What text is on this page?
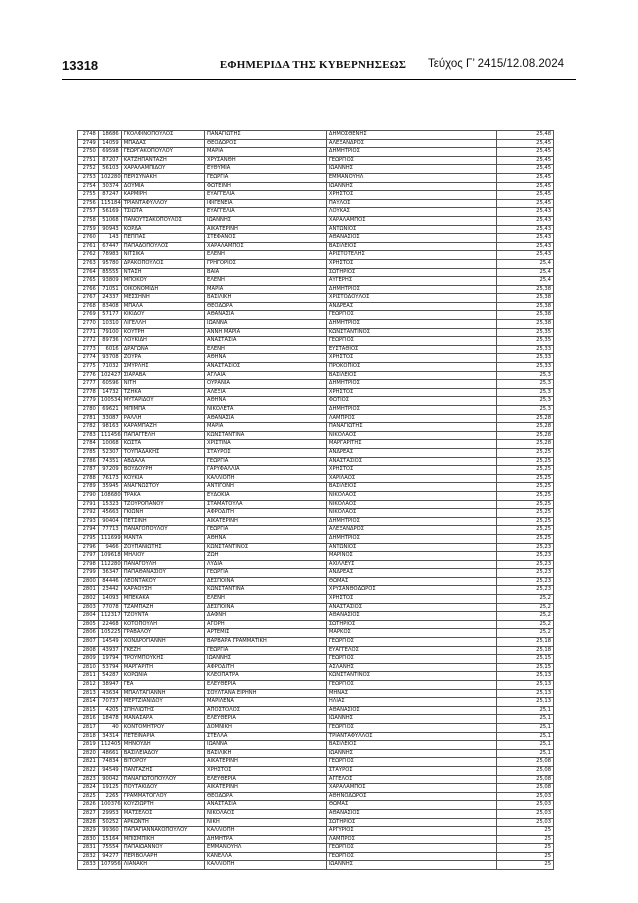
13318	ΕΦΗΜΕΡΙΔΑ ΤΗΣ ΚΥΒΕΡΝΗΣΕΩΣ	Τεύχος Γ’ 2415/12.08.2024
2748	18686	ΓΚΟΛΦΙΝΟΠΟΥΛΟΣ	ΠΑΝΑΓΙΩΤΗΣ	ΔΗΜΟΣΘΕΝΗΣ	25,48
2749	14059	ΜΠΑΔΑΣ	ΘΕΟΔΩΡΟΣ	ΑΛΕΞΑΝΔΡΟΣ	25,45
2750	69598	ΓΕΩΡΓΑΚΟΠΟΥΛΟΥ	ΜΑΡΙΑ	ΔΗΜΗΤΡΙΟΣ	25,45
2751	87207	ΚΑΤΖΗΠΑΝΤΑΖΗ	ΧΡΥΣΑΝΘΗ	ΓΕΩΡΓΙΟΣ	25,45
2752	56103	ΧΑΡΑΛΑΜΠΙΔΟΥ	ΕΥΘΥΜΙΑ	ΙΩΑΝΝΗΣ	25,45
2753	102280	ΠΕΡΙΣΥΝΑΚΗ	ΓΕΩΡΓΙΑ	ΕΜΜΑΝΟΥΗΛ	25,45
2754	30374	ΔΟΥΜΙΑ	ΦΩΤΕΙΝΗ	ΙΩΑΝΝΗΣ	25,45
2755	87247	ΚΑΡΜΙΡΗ	ΕΥΑΓΓΕΛΙΑ	ΧΡΗΣΤΟΣ	25,45
2756	115184	ΤΡΙΑΝΤΑΦΥΛΛΟΥ	ΙΦΙΓΕΝΕΙΑ	ΠΑΥΛΟΣ	25,45
2757	56169	ΤΣΙΩΤΑ	ΕΥΑΓΓΕΛΙΑ	ΛΟΥΚΑΣ	25,43
2758	51068	ΠΑΝΟΥΤΣΑΚΟΠΟΥΛΟΣ	ΙΩΑΝΝΗΣ	ΧΑΡΑΛΑΜΠΟΣ	25,43
2759	90943	ΚΟΡΔΑ	ΑΙΚΑΤΕΡΙΝΗ	ΑΝΤΩΝΙΟΣ	25,43
2760	143	ΠΕΠΠΑΣ	ΣΤΕΦΑΝΟΣ	ΑΘΑΝΑΣΙΟΣ	25,43
2761	67447	ΠΑΠΑΔΟΠΟΥΛΟΣ	ΧΑΡΑΛΑΜΠΟΣ	ΒΑΣΙΛΕΙΟΣ	25,43
2762	78983	ΝΙΤΣΙΚΑ	ΕΛΕΝΗ	ΑΡΙΣΤΟΤΕΛΗΣ	25,43
2763	95780	ΔΡΑΚΟΠΟΥΛΟΣ	ΓΡΗΓΟΡΙΟΣ	ΧΡΗΣΤΟΣ	25,4
2764	85555	ΝΤΑΣΗ	ΒΑΙΑ	ΣΩΤΗΡΙΟΣ	25,4
2765	93809	ΜΠΟΚΟΥ	ΕΛΕΝΗ	ΑΥΓΕΡΗΣ	25,4
2766	71051	ΟΙΚΟΝΟΜΙΔΗ	ΜΑΡΙΑ	ΔΗΜΗΤΡΙΟΣ	25,38
2767	24337	ΜΕΣΣΗΝΗ	ΒΑΣΙΛΙΚΗ	ΧΡΙΣΤΟΔΟΥΛΟΣ	25,38
2768	83408	ΜΠΑΛΑ	ΘΕΟΔΩΡΑ	ΑΝΔΡΕΑΣ	25,38
2769	57177	ΚΙΚΙΔΟΥ	ΑΘΑΝΑΣΙΑ	ΓΕΩΡΓΙΟΣ	25,38
2770	10310	ΛΙΓΕΛΛΗ	ΙΩΑΝΝΑ	ΔΗΜΗΤΡΙΟΣ	25,38
2771	79100	ΚΟΥΤΡΗ	ΑΝΝΗ ΜΑΡΙΑ	ΚΩΝΣΤΑΝΤΙΝΟΣ	25,35
2772	89736	ΛΟΥΚΙΔΗ	ΑΝΑΣΤΑΣΙΑ	ΓΕΩΡΓΙΟΣ	25,35
2773	6016	ΔΡΑΓΩΝΑ	ΕΛΕΝΗ	ΕΥΣΤΑΘΙΟΣ	25,33
2774	93708	ΖΟΥΡΑ	ΑΘΗΝΑ	ΧΡΗΣΤΟΣ	25,33
2775	71032	ΣΜΥΡΛΗΣ	ΑΝΑΣΤΑΣΙΟΣ	ΠΡΟΚΟΠΙΟΣ	25,33
2776	102427	ΣΙΑΡΑΒΑ	ΑΓΛΑΙΑ	ΒΑΣΙΛΕΙΟΣ	25,3
2777	60596	ΝΙΤΗ	ΟΥΡΑΝΙΑ	ΔΗΜΗΤΡΙΟΣ	25,3
2778	14732	ΤΖΗΚΑ	ΑΛΕΞΙΑ	ΧΡΗΣΤΟΣ	25,3
2779	100534	ΜΥΤΑΡΙΔΟΥ	ΑΘΗΝΑ	ΦΩΤΙΟΣ	25,3
2780	69621	ΜΠΙΜΠΑ	ΝΙΚΟΛΕΤΑ	ΔΗΜΗΤΡΙΟΣ	25,3
2781	33087	ΡΑΛΛΗ	ΑΘΑΝΑΣΙΑ	ΛΑΜΠΡΟΣ	25,28
2782	98163	ΚΑΡΑΜΠΑΖΗ	ΜΑΡΙΑ	ΠΑΝΑΓΙΩΤΗΣ	25,28
2783	111456	ΠΑΠΑΓΓΕΛΗ	ΚΩΝΣΤΑΝΤΙΝΑ	ΝΙΚΟΛΑΟΣ	25,28
2784	10068	ΚΩΣΤΑ	ΧΡΙΣΤΙΝΑ	ΜΑΡΓΑΡΙΤΗΣ	25,28
2785	52307	ΤΟΥΠΑΔΑΚΗΣ	ΣΤΑΥΡΟΣ	ΑΝΔΡΕΑΣ	25,25
2786	74351	ΑΒΔΑΛΑ	ΓΕΩΡΓΙΑ	ΑΝΑΣΤΑΣΙΟΣ	25,25
2787	97209	ΒΟΥΔΟΥΡΗ	ΓΑΡΥΦΑΛΛΙΑ	ΧΡΗΣΤΟΣ	25,25
2788	76173	ΚΟΥΚΙΑ	ΚΑΛΛΙΟΠΗ	ΧΑΡΙΛΑΟΣ	25,25
2789	35945	ΑΝΑΓΝΩΣΤΟΥ	ΑΝΤΙΓΟΝΗ	ΒΑΣΙΛΕΙΟΣ	25,25
2790	108680	ΤΡΑΚΑ	ΕΥΔΟΚΙΑ	ΝΙΚΟΛΑΟΣ	25,25
2791	15323	ΤΖΟΥΡΟΠΑΝΟΥ	ΣΤΑΜΑΤΟΥΛΑ	ΝΙΚΟΛΑΟΣ	25,25
2792	45663	ΓΚΙΩΝΗ	ΑΦΡΟΔΙΤΗ	ΝΙΚΟΛΑΟΣ	25,25
2793	90404	ΠΕΤΣΙΝΗ	ΑΙΚΑΤΕΡΙΝΗ	ΔΗΜΗΤΡΙΟΣ	25,25
2794	77713	ΠΑΝΑΓΟΠΟΥΛΟΥ	ΓΕΩΡΓΙΑ	ΑΛΕΞΑΝΔΡΟΣ	25,25
2795	111699	ΜΑΝΤΑ	ΑΘΗΝΑ	ΔΗΜΗΤΡΙΟΣ	25,25
2796	9466	ΖΟΥΠΑΝΙΩΤΗΣ	ΚΩΝΣΤΑΝΤΙΝΟΣ	ΑΝΤΩΝΙΟΣ	25,23
2797	109618	ΜΗΛΙΟΥ	ΖΩΗ	ΜΑΡΙΝΟΣ	25,23
2798	112280	ΠΑΝΑΓΟΥΛΗ	ΛΥΔΙΑ	ΑΧΙΛΛΕΥΣ	25,23
2799	36347	ΠΑΠΑΘΑΝΑΣΙΟΥ	ΓΕΩΡΓΙΑ	ΑΝΔΡΕΑΣ	25,23
2800	84446	ΛΕΟΝΤΑΚΟΥ	ΔΕΣΠΟΙΝΑ	ΘΩΜΑΣ	25,23
2801	23442	ΚΑΡΑΟΥΣΗ	ΚΩΝΣΤΑΝΤΙΝΑ	ΧΡΥΣΑΝΘΟΔΩΡΟΣ	25,23
2802	14093	ΜΠΕΚΑΚΑ	ΕΛΕΝΗ	ΧΡΗΣΤΟΣ	25,2
2803	77078	ΤΖΑΜΠΑΖΗ	ΔΕΣΠΟΙΝΑ	ΑΝΑΣΤΑΣΙΟΣ	25,2
2804	112317	ΤΖΟΥΝΤΑ	ΔΑΦΝΗ	ΑΘΑΝΑΣΙΟΣ	25,2
2805	22468	ΚΟΤΟΠΟΥΛΗ	ΑΓΟΡΗ	ΣΩΤΗΡΙΟΣ	25,2
2806	105225	ΓΡΑΒΑΛΟΥ	ΑΡΤΕΜΙΣ	ΜΑΡΚΟΣ	25,2
2807	14549	ΧΟΝΔΡΟΓΙΑΝΝΗ	ΒΑΡΒΑΡΑ ΓΡΑΜΜΑΤΙΚΗ	ΓΕΩΡΓΙΟΣ	25,18
2808	43937	ΓΚΕΖΗ	ΓΕΩΡΓΙΑ	ΕΥΑΓΓΕΛΟΣ	25,18
2809	19794	ΤΡΟΥΜΠΟΥΚΗΣ	ΙΩΑΝΝΗΣ	ΓΕΩΡΓΙΟΣ	25,15
2810	53794	ΜΑΡΓΑΡΙΤΗ	ΑΦΡΟΔΙΤΗ	ΑΣΛΑΝΗΣ	25,15
2811	54287	ΚΟΡΩΝΙΑ	ΚΛΕΟΠΑΤΡΑ	ΚΩΝΣΤΑΝΤΙΝΟΣ	25,13
2812	38947	ΓΕΑ	ΕΛΕΥΘΕΡΙΑ	ΓΕΩΡΓΙΟΣ	25,13
2813	43634	ΜΠΑΛΤΑΓΙΑΝΝΗ	ΣΟΥΛΤΑΝΑ ΕΙΡΗΝΗ	ΜΗΝΑΣ	25,13
2814	70737	ΜΕΡΤΖΙΑΝΙΔΟΥ	ΜΑΡΙΛΕΝΑ	ΗΛΙΑΣ	25,13
2815	4205	ΣΠΗΛΙΩΤΗΣ	ΑΠΟΣΤΟΛΟΣ	ΑΘΑΝΑΣΙΟΣ	25,1
2816	18478	ΜΑΝΑΣΑΡΑ	ΕΛΕΥΘΕΡΙΑ	ΙΩΑΝΝΗΣ	25,1
2817	40	ΚΟΝΤΟΜΗΤΡΟΥ	ΔΟΜΝΙΚΗ	ΓΕΩΡΓΙΟΣ	25,1
2818	34314	ΠΕΤΕΙΝΑΡΙΑ	ΣΤΕΛΛΑ	ΤΡΙΑΝΤΑΦΥΛΛΟΣ	25,1
2819	112405	ΜΗΝΟΥΔΗ	ΙΩΑΝΝΑ	ΒΑΣΙΛΕΙΟΣ	25,1
2820	48661	ΒΑΣΙΛΕΙΑΔΟΥ	ΒΑΣΙΛΙΚΗ	ΙΩΑΝΝΗΣ	25,1
2821	74834	ΒΙΤΟΡΟΥ	ΑΙΚΑΤΕΡΙΝΗ	ΓΕΩΡΓΙΟΣ	25,08
2822	94549	ΠΑΝΤΑΖΗΣ	ΧΡΗΣΤΟΣ	ΣΤΑΥΡΟΣ	25,08
2823	90042	ΠΑΝΑΓΙΩΤΟΠΟΥΛΟΥ	ΕΛΕΥΘΕΡΙΑ	ΑΓΓΕΛΟΣ	25,08
2824	19125	ΠΟΥΤΑΚΙΔΟΥ	ΑΙΚΑΤΕΡΙΝΗ	ΧΑΡΑΛΑΜΠΟΣ	25,08
2825	2265	ΓΡΑΜΜΑΤΟΓΛΟΥ	ΘΕΟΔΩΡΑ	ΑΘΗΝΟΔΩΡΟΣ	25,03
2826	100376	ΚΟΥΖΙΩΡΤΗ	ΑΝΑΣΤΑΣΙΑ	ΘΩΜΑΣ	25,03
2827	29953	ΜΑΤΣΕΛΟΣ	ΝΙΚΟΛΑΟΣ	ΑΘΑΝΑΣΙΟΣ	25,03
2828	50252	ΑΡΚΩΝΤΗ	ΝΙΚΗ	ΣΩΤΗΡΙΟΣ	25,03
2829	99360	ΠΑΠΑΓΙΑΝΝΑΚΟΠΟΥΛΟΥ	ΚΑΛΛΙΟΠΗ	ΑΡΓΥΡΙΟΣ	25
2830	15164	ΜΠΙΣΜΠΙΚΗ	ΔΗΜΗΤΡΑ	ΛΑΜΠΡΟΣ	25
2831	75554	ΠΑΠΑΙΩΑΝΝΟΥ	ΕΜΜΑΝΟΥΗΛ	ΓΕΩΡΓΙΟΣ	25
2832	94277	ΠΕΡΙΒΟΛΑΡΗ	ΚΑΝΕΛΛΑ	ΓΕΩΡΓΙΟΣ	25
2833	107956	ΛΙΑΝΑΚΗ	ΚΑΛΛΙΟΠΗ	ΙΩΑΝΝΗΣ	25
